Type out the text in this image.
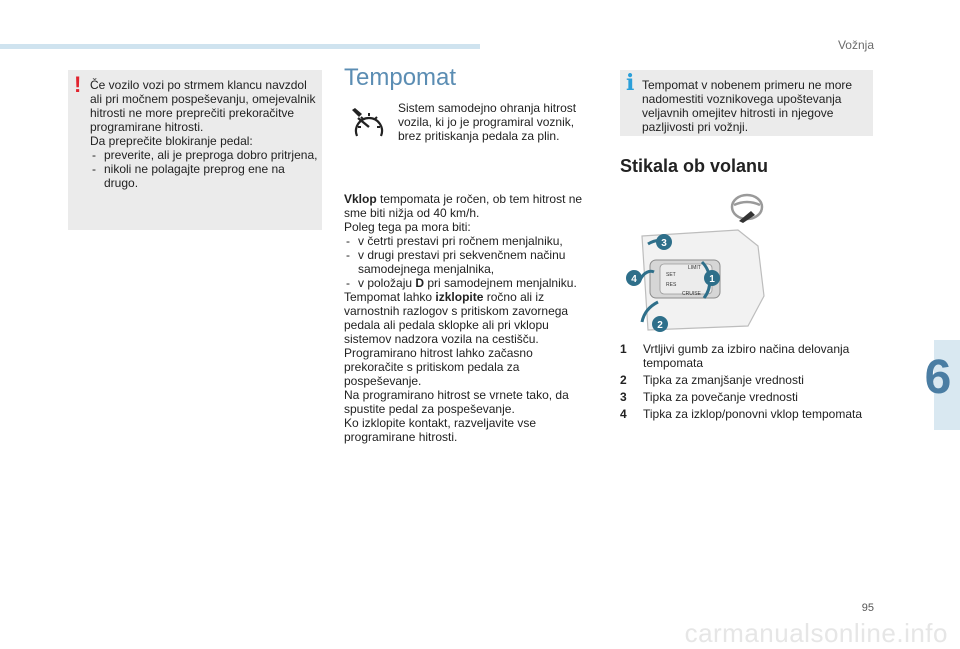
Vožnja
6
95
carmanualsonline.info
! Če vozilo vozi po strmem klancu navzdol ali pri močnem pospeševanju, omejevalnik hitrosti ne more preprečiti prekoračitve programirane hitrosti.
Da preprečite blokiranje pedal:
- preverite, ali je preproga dobro pritrjena,
- nikoli ne polagajte preprog ene na drugo.
Tempomat
Sistem samodejno ohranja hitrost vozila, ki jo je programiral voznik, brez pritiskanja pedala za plin.

Vklop tempomata je ročen, ob tem hitrost ne sme biti nižja od 40 km/h.

Poleg tega pa mora biti:

- v četrti prestavi pri ročnem menjalniku,
- v drugi prestavi pri sekvenčnem načinu samodejnega menjalnika,
- v položaju D pri samodejnem menjalniku.

Tempomat lahko izklopite ročno ali iz varnostnih razlogov s pritiskom zavornega pedala ali pedala sklopke ali pri vklopu sistemov nadzora vozila na cestišču.

Programirano hitrost lahko začasno prekoračite s pritiskom pedala za pospeševanje.

Na programirano hitrost se vrnete tako, da spustite pedal za pospeševanje.

Ko izklopite kontakt, razveljavite vse programirane hitrosti.

i Tempomat v nobenem primeru ne more nadomestiti voznikovega upoštevanja veljavnih omejitev hitrosti in njegove pazljivosti pri vožnji.
Stikala ob volanu
LIMIT
SET
RES
CRUISE
3
1
2
4
1	Vrtljivi gumb za izbiro načina delovanja tempomata
2	Tipka za zmanjšanje vrednosti
3	Tipka za povečanje vrednosti
4	Tipka za izklop/ponovni vklop tempomata
